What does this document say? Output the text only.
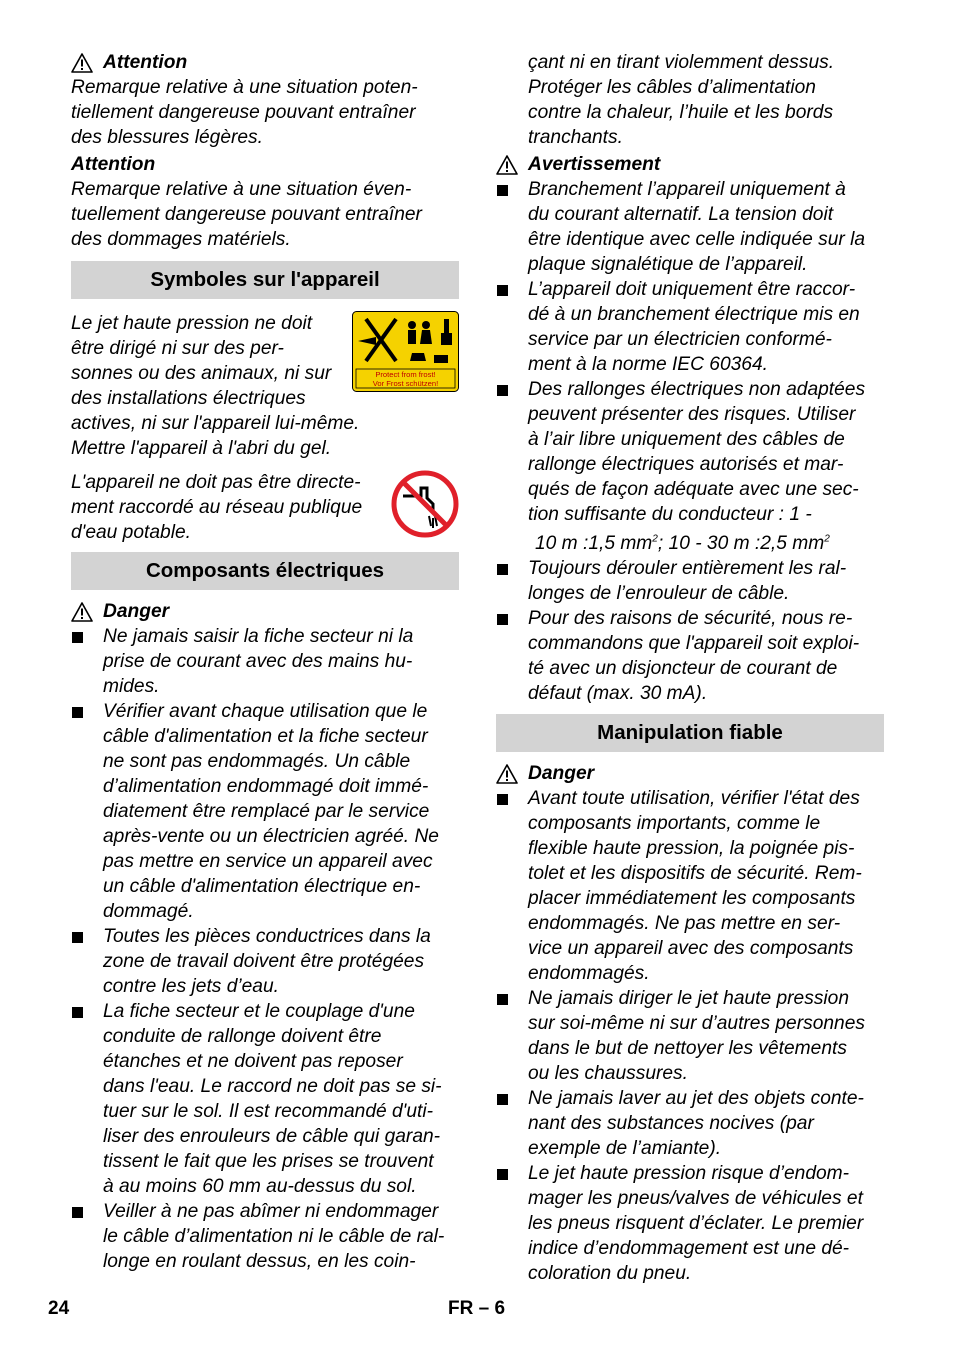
Attention

Remarque relative à une situation poten-

tiellement dangereuse pouvant entraîner

des blessures légères.

Attention

Remarque relative à une situation éven-

tuellement dangereuse pouvant entraîner

des dommages matériels.

Symboles sur l'appareil

Le jet haute pression ne doit

être dirigé ni sur des per-

sonnes ou des animaux, ni sur

des installations électriques

actives, ni sur l'appareil lui-même.

Mettre l'appareil à l'abri du gel.

Protect from frost!
Vor Frost schützen!

L'appareil ne doit pas être directe-

ment raccordé au réseau publique

d'eau potable.

Composants électriques

Danger

Ne jamais saisir la fiche secteur ni la
prise de courant avec des mains hu-
mides.
Vérifier avant chaque utilisation que le
câble d'alimentation et la fiche secteur
ne sont pas endommagés. Un câble
d’alimentation endommagé doit immé-
diatement être remplacé par le service
après-vente ou un électricien agréé. Ne
pas mettre en service un appareil avec
un câble d'alimentation électrique en-
dommagé.
Toutes les pièces conductrices dans la
zone de travail doivent être protégées
contre les jets d’eau.
La fiche secteur et le couplage d'une
conduite de rallonge doivent être
étanches et ne doivent pas reposer
dans l'eau. Le raccord ne doit pas se si-
tuer sur le sol. Il est recommandé d'uti-
liser des enrouleurs de câble qui garan-
tissent le fait que les prises se trouvent
à au moins 60 mm au-dessus du sol.
Veiller à ne pas abîmer ni endommager
le câble d’alimentation ni le câble de ral-
longe en roulant dessus, en les coin-

çant ni en tirant violemment dessus.

Protéger les câbles d’alimentation

contre la chaleur, l’huile et les bords

tranchants.

Avertissement

Branchement l’appareil uniquement à
du courant alternatif. La tension doit
être identique avec celle indiquée sur la
plaque signalétique de l’appareil.
L’appareil doit uniquement être raccor-
dé à un branchement électrique mis en
service par un électricien conformé-
ment à la norme IEC 60364.
Des rallonges électriques non adaptées
peuvent présenter des risques. Utiliser
à l’air libre uniquement des câbles de
rallonge électriques autorisés et mar-
qués de façon adéquate avec une sec-
tion suffisante du conducteur : 1 -
10 m :1,5 $mm^2$; 10 - 30 m :2,5 $mm^2$
Toujours dérouler entièrement les ral-
longes de l’enrouleur de câble.
Pour des raisons de sécurité, nous re-
commandons que l'appareil soit exploi-
té avec un disjoncteur de courant de
défaut (max. 30 mA).
Manipulation fiable

Danger

Avant toute utilisation, vérifier l'état des
composants importants, comme le
flexible haute pression, la poignée pis-
tolet et les dispositifs de sécurité. Rem-
placer immédiatement les composants
endommagés. Ne pas mettre en ser-
vice un appareil avec des composants
endommagés.
Ne jamais diriger le jet haute pression
sur soi-même ni sur d’autres personnes
dans le but de nettoyer les vêtements
ou les chaussures.
Ne jamais laver au jet des objets conte-
nant des substances nocives (par
exemple de l’amiante).
Le jet haute pression risque d’endom-
mager les pneus/valves de véhicules et
les pneus risquent d’éclater. Le premier
indice d’endommagement est une dé-
coloration du pneu.
24	FR – 6
